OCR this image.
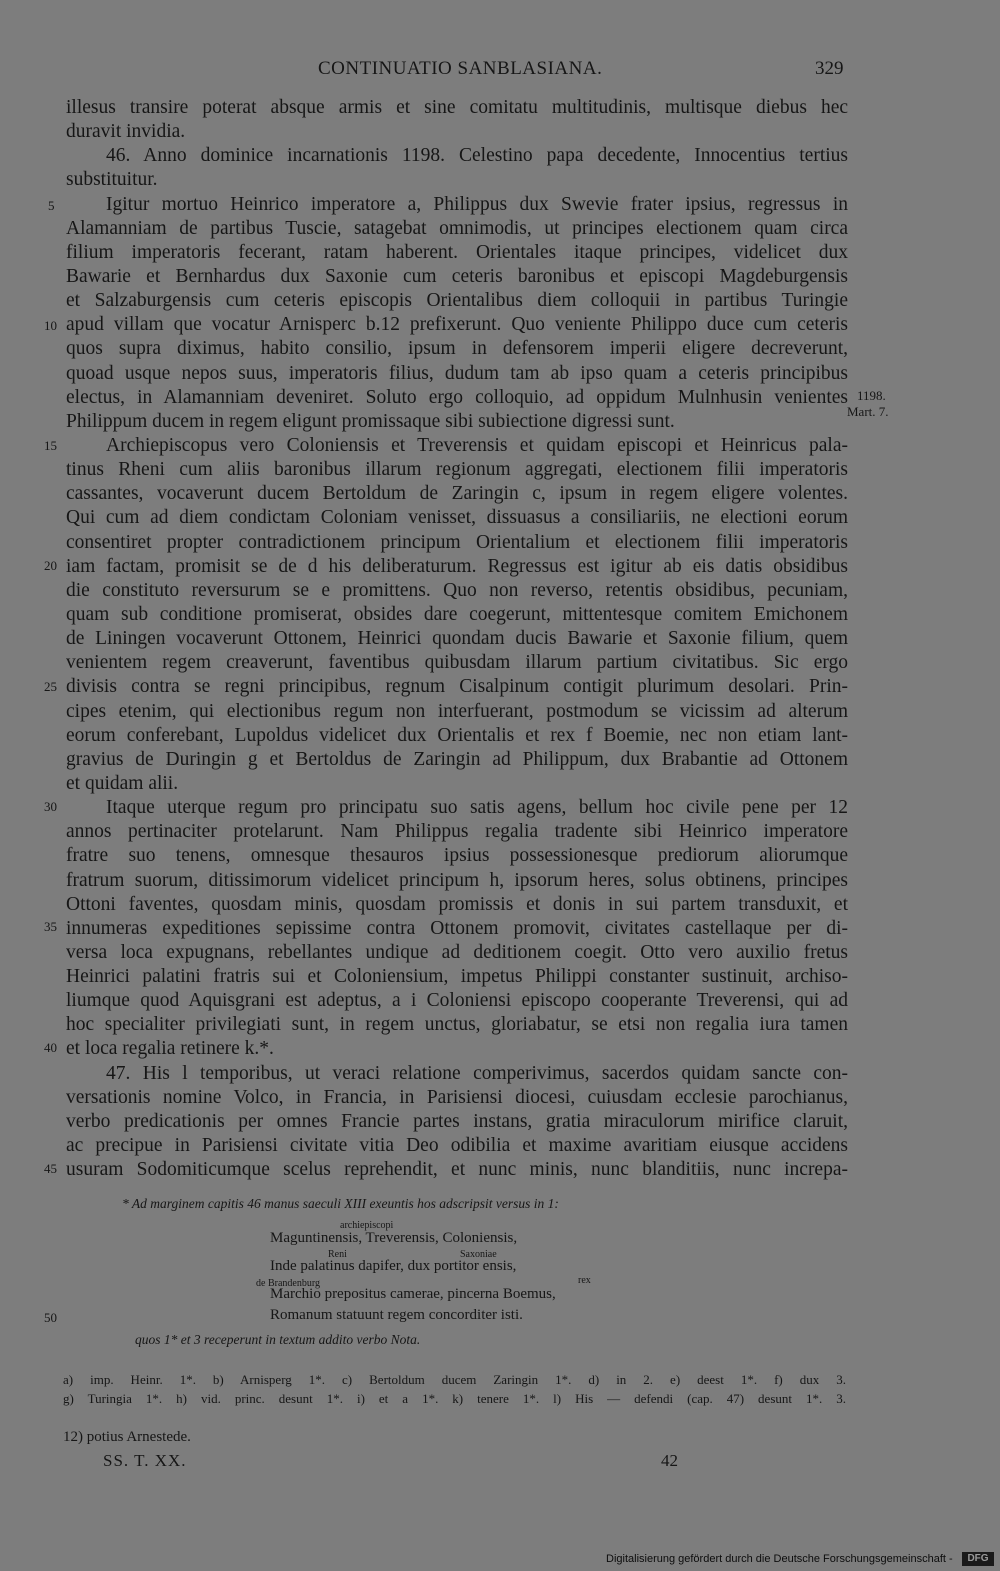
CONTINUATIO SANBLASIANA.	329
illesus transire poterat absque armis et sine comitatu multitudinis, multisque diebus hec
duravit invidia.
46. Anno dominice incarnationis 1198. Celestino papa decedente, Innocentius tertius
substituitur.
Igitur mortuo Heinrico imperatore a, Philippus dux Swevie frater ipsius, regressus in
Alamanniam de partibus Tuscie, satagebat omnimodis, ut principes electionem quam circa
filium imperatoris fecerant, ratam haberent. Orientales itaque principes, videlicet dux
Bawarie et Bernhardus dux Saxonie cum ceteris baronibus et episcopi Magdeburgensis
et Salzaburgensis cum ceteris episcopis Orientalibus diem colloquii in partibus Turingie
apud villam que vocatur Arnisperc b.12 prefixerunt. Quo veniente Philippo duce cum ceteris
quos supra diximus, habito consilio, ipsum in defensorem imperii eligere decreverunt,
quoad usque nepos suus, imperatoris filius, dudum tam ab ipso quam a ceteris principibus
electus, in Alamanniam deveniret. Soluto ergo colloquio, ad oppidum Mulnhusin venientes
Philippum ducem in regem eligunt promissaque sibi subiectione digressi sunt.
Archiepiscopus vero Coloniensis et Treverensis et quidam episcopi et Heinricus pala-
tinus Rheni cum aliis baronibus illarum regionum aggregati, electionem filii imperatoris
cassantes, vocaverunt ducem Bertoldum de Zaringin c, ipsum in regem eligere volentes.
Qui cum ad diem condictam Coloniam venisset, dissuasus a consiliariis, ne electioni eorum
consentiret propter contradictionem principum Orientalium et electionem filii imperatoris
iam factam, promisit se de d his deliberaturum. Regressus est igitur ab eis datis obsidibus
die constituto reversurum se e promittens. Quo non reverso, retentis obsidibus, pecuniam,
quam sub conditione promiserat, obsides dare coegerunt, mittentesque comitem Emichonem
de Liningen vocaverunt Ottonem, Heinrici quondam ducis Bawarie et Saxonie filium, quem
venientem regem creaverunt, faventibus quibusdam illarum partium civitatibus. Sic ergo
divisis contra se regni principibus, regnum Cisalpinum contigit plurimum desolari. Prin-
cipes etenim, qui electionibus regum non interfuerant, postmodum se vicissim ad alterum
eorum conferebant, Lupoldus videlicet dux Orientalis et rex f Boemie, nec non etiam lant-
gravius de Duringin g et Bertoldus de Zaringin ad Philippum, dux Brabantie ad Ottonem
et quidam alii.
Itaque uterque regum pro principatu suo satis agens, bellum hoc civile pene per 12
annos pertinaciter protelarunt. Nam Philippus regalia tradente sibi Heinrico imperatore
fratre suo tenens, omnesque thesauros ipsius possessionesque prediorum aliorumque
fratrum suorum, ditissimorum videlicet principum h, ipsorum heres, solus obtinens, principes
Ottoni faventes, quosdam minis, quosdam promissis et donis in sui partem transduxit, et
innumeras expeditiones sepissime contra Ottonem promovit, civitates castellaque per di-
versa loca expugnans, rebellantes undique ad deditionem coegit. Otto vero auxilio fretus
Heinrici palatini fratris sui et Coloniensium, impetus Philippi constanter sustinuit, archiso-
liumque quod Aquisgrani est adeptus, a i Coloniensi episcopo cooperante Treverensi, qui ad
hoc specialiter privilegiati sunt, in regem unctus, gloriabatur, se etsi non regalia iura tamen
et loca regalia retinere k.*.
47. His l temporibus, ut veraci relatione comperivimus, sacerdos quidam sancte con-
versationis nomine Volco, in Francia, in Parisiensi diocesi, cuiusdam ecclesie parochianus,
verbo predicationis per omnes Francie partes instans, gratia miraculorum mirifice claruit,
ac precipue in Parisiensi civitate vitia Deo odibilia et maxime avaritiam eiusque accidens
usuram Sodomiticumque scelus reprehendit, et nunc minis, nunc blanditiis, nunc increpa-
5
10
15
20
25
30
35
40
45
50
1198.
Mart. 7.
* Ad marginem capitis 46 manus saeculi XIII exeuntis hos adscripsit versus in 1:
archiepiscopi
Maguntinensis, Treverensis, Coloniensis,
Reni	Saxoniae
Inde palatinus dapifer, dux portitor ensis,
de Brandenburg	rex
Marchio prepositus camerae, pincerna Boemus,
Romanum statuunt regem concorditer isti.
quos 1* et 3 receperunt in textum addito verbo Nota.
a) imp. Heinr. 1*. b) Arnisperg 1*. c) Bertoldum ducem Zaringin 1*. d) in 2. e) deest 1*. f) dux 3.
g) Turingia 1*. h) vid. princ. desunt 1*. i) et a 1*. k) tenere 1*. l) His — defendi (cap. 47) desunt 1*. 3.
12) potius Arnestede.
SS. T. XX.	42
Digitalisierung gefördert durch die Deutsche Forschungsgemeinschaft -	DFG
